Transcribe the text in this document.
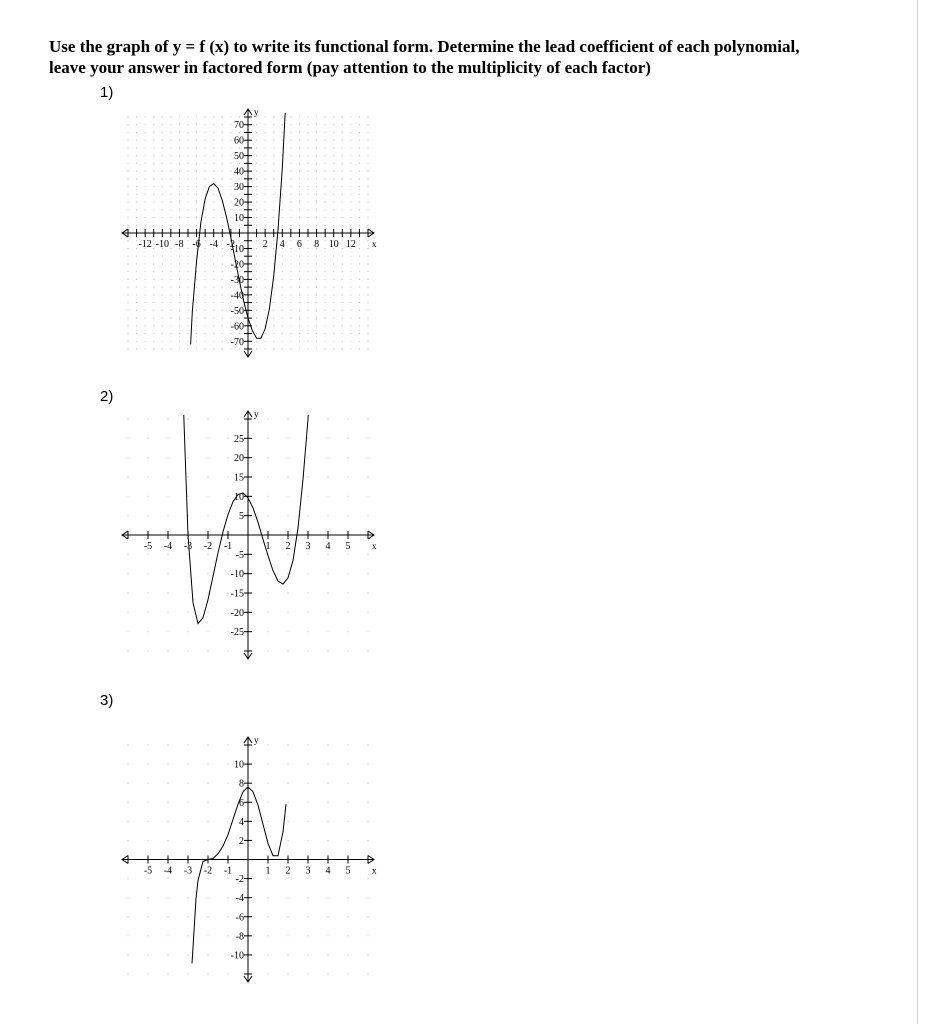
Use the graph of y = f (x) to write its functional form. Determine the lead coefficient of each polynomial,
leave your answer in factored form (pay attention to the multiplicity of each factor)
1)
-12 -10 -8 -6 -4 -2	2 4 6 8 10 12
70
60
50
40
30
20
10
-10
-20
-30
-40
-50
-60
-70
x
y
2)
-5 -4 -3 -2 -1	1 2 3 4 5
25
20
15
10
5
-5
-10
-15
-20
-25
x
y
3)
-5 -4 -3 -2 -1	1 2 3 4 5
10
8
6
4
2
-2
-4
-6
-8
-10
x
y
